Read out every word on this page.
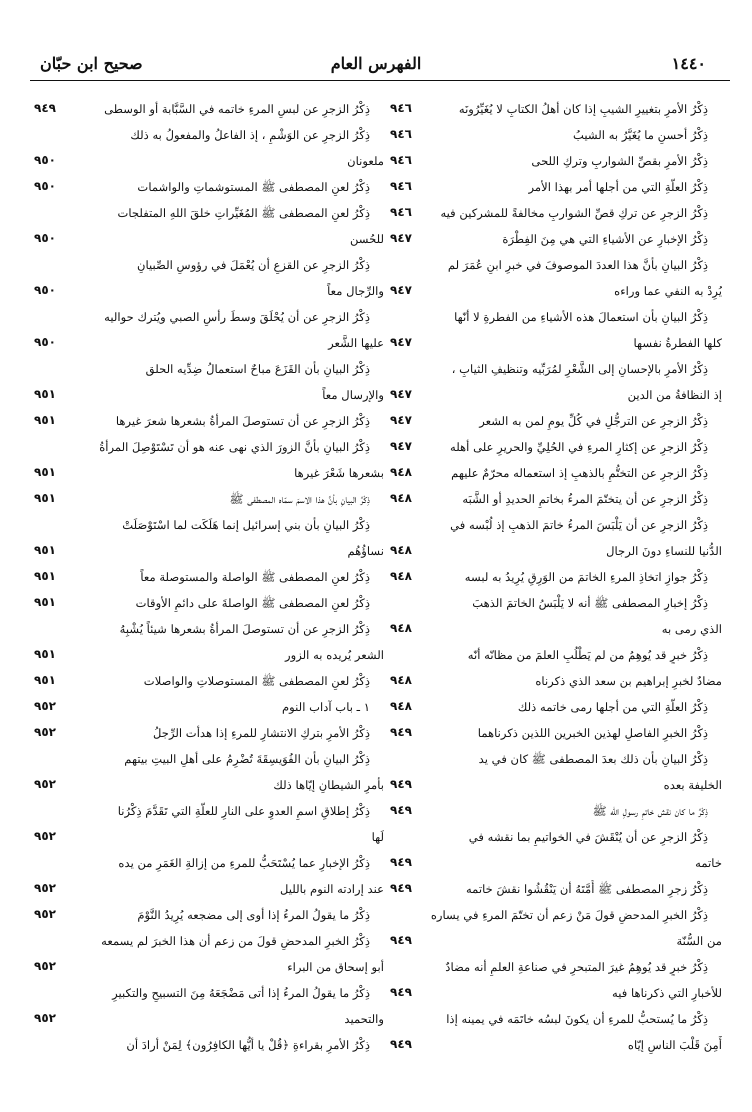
١٤٤٠
الفهرس العام
صحيح ابن حبّان
ذِكْرُ الأمرِ بتغييرِ الشيبِ إذا كان أهلُ الكتابِ لا يُغَيِّرُونَه
٩٤٦
ذِكْرُ أحسنِ ما يُغَيَّرُ به الشيبُ
٩٤٦
ذِكْرُ الأمرِ بقصِّ الشواربِ وتركِ اللحى
٩٤٦
ذِكْرُ العلّةِ التي من أجلها أمر بهذا الأمر
٩٤٦
ذِكْرُ الزجرِ عن تركِ قصِّ الشواربِ مخالفةً للمشركين فيه
٩٤٦
ذِكْرُ الإخبارِ عن الأشياءِ التي هي مِنَ الفِطْرَة
٩٤٧
ذِكْرُ البيانِ بأنَّ هذا العددَ الموصوفَ في خبرِ ابنِ عُمَرَ لم
يُرِدْ به النفي عما وراءه
٩٤٧
ذِكْرُ البيانِ بأن استعمالَ هذه الأشياءِ من الفطرةِ لا أنّها
كلها الفطرةُ نفسها
٩٤٧
ذِكْرُ الأمرِ بالإحسانِ إلى الشَّعْرِ لمُرَبِّيه وتنظيفِ الثيابِ ،
إذ النظافةُ من الدين
٩٤٧
ذِكْرُ الزجرِ عن الترجُّلِ في كُلِّ يومٍ لمن به الشعر
٩٤٧
ذِكْرُ الزجرِ عن إكثارِ المرءِ في الحُلِيِّ والحريرِ على أهله
٩٤٧
ذِكْرُ الزجرِ عن التختُّمِ بالذهبِ إذ استعماله محرّمٌ عليهم
٩٤٨
ذِكْرُ الزجرِ عن أن يتختّمَ المرءُ بخاتمِ الحديدِ أو الشَّبَه
٩٤٨
ذِكْرُ الزجرِ عن أن يَلْبَسَ المرءُ خاتمَ الذهبِ إذ لُبْسه في
الدُّنيا للنساءِ دونَ الرجال
٩٤٨
ذِكْرُ جوازِ اتخاذِ المرءِ الخاتمَ من الوَرِقِ يُرِيدُ به لبسه
٩٤٨
ذِكْرُ إخبارِ المصطفى ﷺ أنه لا يَلْبَسُ الخاتمَ الذهبَ
الذي رمى به
٩٤٨
ذِكْرُ خبرٍ قد يُوهِمُ من لم يَطْلُبِ العلمَ من مظانّه أنّه
مضادٌ لخبرِ إبراهيم بن سعد الذي ذكرناه
٩٤٨
ذِكْرُ العلّةِ التي من أجلها رمى خاتمه ذلك
٩٤٨
ذِكْرُ الخبرِ الفاصلِ لهذين الخبرين اللذين ذكرناهما
٩٤٩
ذِكْرُ البيانِ بأن ذلك بعدَ المصطفى ﷺ كان في يد
الخليفة بعده
٩٤٩
ذِكْرُ ما كان نقش خاتمِ رسولِ الله ﷺ
٩٤٩
ذِكْرُ الزجرِ عن أن يُنْقَشَ في الخواتيمِ بما نقشه في
خاتمه
٩٤٩
ذِكْرُ زجرِ المصطفى ﷺ أُمَّتَهُ أن يَنْقُشُوا نقشَ خاتمه
٩٤٩
ذِكْرُ الخبرِ المدحضِ قولَ مَنْ زعم أن تختّمَ المرءِ في يساره
من السُّنّة
٩٤٩
ذِكْرُ خبرٍ قد يُوهِمُ غيرَ المتبحرِ في صناعةِ العلمِ أنه مضادٌ
للأخبارِ التي ذكرناها فيه
٩٤٩
ذِكْرُ ما يُستحبُّ للمرءِ أن يكونَ لبسُه خاتَمَه في يمينه إذا
أَمِنَ قَلْبَ الناسِ إيّاه
٩٤٩
ذِكْرُ الزجرِ عن لبسِ المرءِ خاتمه في السَّبَّابة أو الوسطى
٩٤٩
ذِكْرُ الزجرِ عن الوَشْمِ ، إذ الفاعلُ والمفعولُ به ذلك
ملعونان
٩٥٠
ذِكْرُ لعنِ المصطفى ﷺ المستوشماتِ والواشمات
٩٥٠
ذِكْرُ لعنِ المصطفى ﷺ المُغَيِّراتِ خلقَ اللهِ المتفلجات
للحُسن
٩٥٠
ذِكْرُ الزجرِ عن القزعِ أن يُعْمَلَ في رؤوسِ الصِّبيانِ
والرِّجال معاً
٩٥٠
ذِكْرُ الزجرِ عن أن يُحْلَقَ وسطَ رأسِ الصبي ويُترك حواليه
عليها الشَّعر
٩٥٠
ذِكْرُ البيانِ بأن القَزَعَ مباحٌ استعمالُ ضِدِّيه الحلق
والإرسال معاً
٩٥١
ذِكْرُ الزجرِ عن أن تستوصلَ المرأةُ بشعرها شعرَ غيرها
٩٥١
ذِكْرُ البيانِ بأنَّ الزورَ الذي نهى عنه هو أن تَسْتَوْصِلَ المرأةُ
بشعرها شَعْرَ غيرها
٩٥١
ذِكْرُ البيانِ بأنَّ هذا الاسمَ سمّاه المصطفى ﷺ
٩٥١
ذِكْرُ البيانِ بأن بني إسرائيل إنما هَلَكَت لما اسْتَوْصَلَتْ
نساؤُهُم
٩٥١
ذِكْرُ لعنِ المصطفى ﷺ الواصلة والمستوصلة معاً
٩٥١
ذِكْرُ لعنِ المصطفى ﷺ الواصلةَ على دائمِ الأوقات
٩٥١
ذِكْرُ الزجرِ عن أن تستوصلَ المرأةُ بشعرها شيئاً يُشْبِهُ
الشعر يُريده به الزور
٩٥١
ذِكْرُ لعنِ المصطفى ﷺ المستوصلاتِ والواصلات
٩٥١
١ ـ باب آداب النوم
٩٥٢
ذِكْرُ الأمرِ بتركِ الانتشارِ للمرءِ إذا هدأت الرِّجلُ
٩٥٢
ذِكْرُ البيانِ بأن الفُوَيسِقَةَ تُضْرِمُ على أهلِ البيتِ بيتهم
بأمرِ الشيطانِ إيّاها ذلك
٩٥٢
ذِكْرُ إطلاقِ اسمِ العدوِ على النارِ للعلّةِ التي تَقَدَّمَ ذِكْرُنا
لَها
٩٥٢
ذِكْرُ الإخبارِ عما يُسْتَحَبُّ للمرءِ من إزالةِ الغَمَرِ من يده
عند إرادته النوم بالليل
٩٥٢
ذِكْرُ ما يقولُ المرءُ إذا أوى إلى مضجعه يُرِيدُ النَّوْمَ
٩٥٢
ذِكْرُ الخبرِ المدحضِ قولَ من زعم أن هذا الخبرَ لم يسمعه
أبو إسحاق من البراء
٩٥٢
ذِكْرُ ما يقولُ المرءُ إذا أتى مَضْجَعَهُ مِنَ التسبيحِ والتكبيرِ
والتحميد
٩٥٢
ذِكْرُ الأمرِ بقراءةِ ﴿قُلْ يا أيُّها الكافِرُون﴾ لِمَنْ أرادَ أن
